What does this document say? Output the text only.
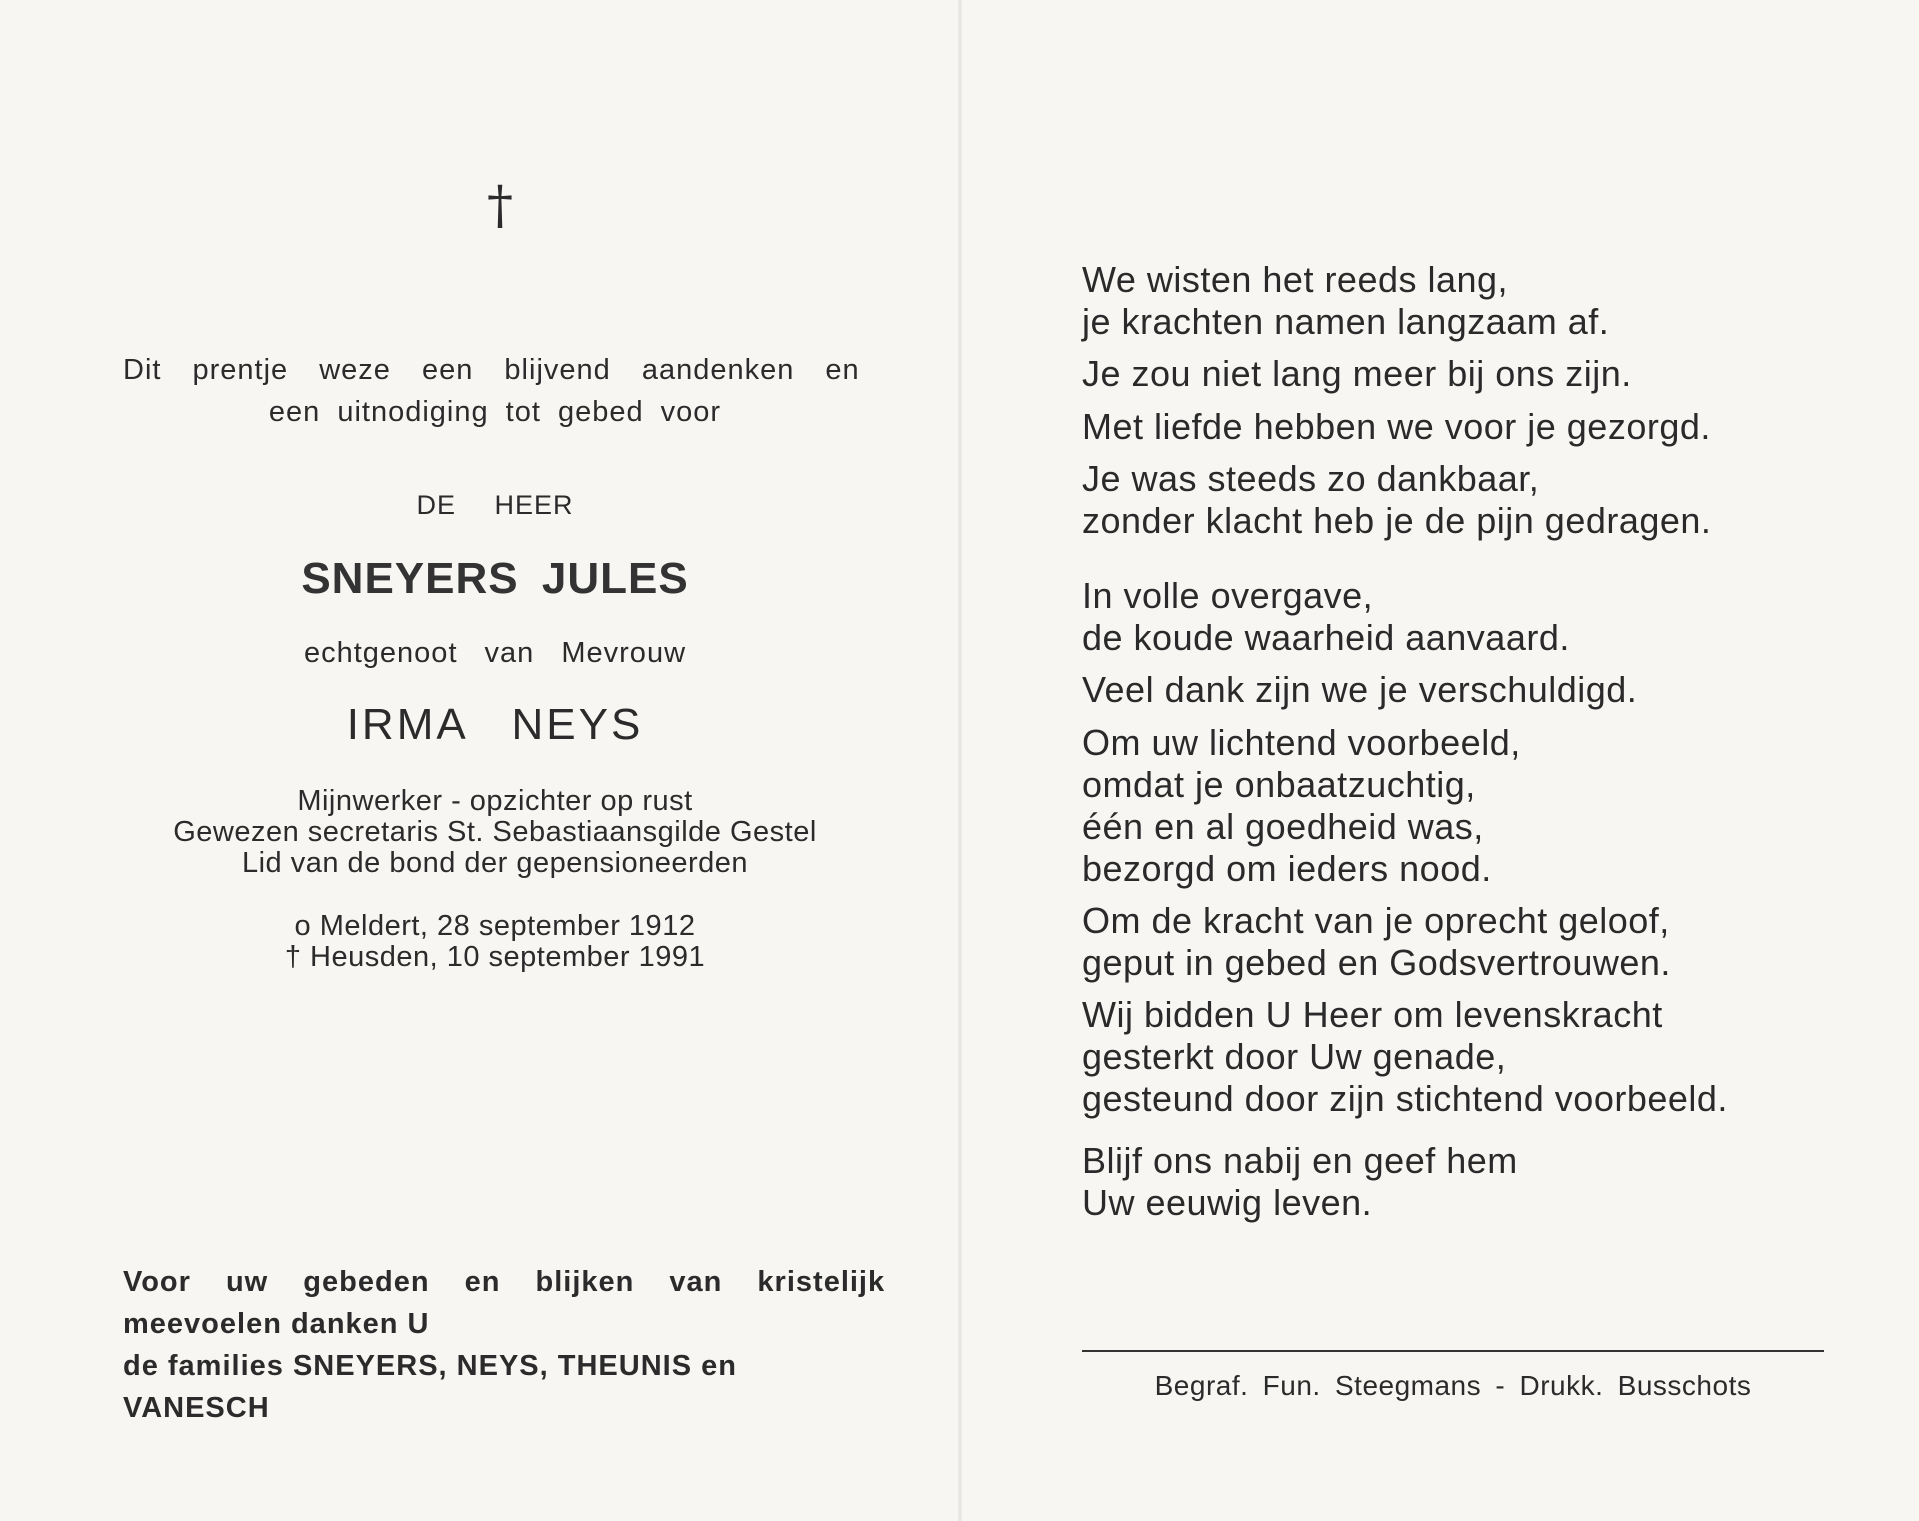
†
Dit prentje weze een blijvend aandenken en
een uitnodiging tot gebed voor
DE HEER
SNEYERS JULES
echtgenoot van Mevrouw
IRMA NEYS
Mijnwerker - opzichter op rust
Gewezen secretaris St. Sebastiaansgilde Gestel
Lid van de bond der gepensioneerden
o Meldert, 28 september 1912
† Heusden, 10 september 1991
Voor uw gebeden en blijken van kristelijk
meevoelen danken U
de families SNEYERS, NEYS, THEUNIS en
VANESCH
We wisten het reeds lang,
je krachten namen langzaam af.
Je zou niet lang meer bij ons zijn.
Met liefde hebben we voor je gezorgd.
Je was steeds zo dankbaar,
zonder klacht heb je de pijn gedragen.
In volle overgave,
de koude waarheid aanvaard.
Veel dank zijn we je verschuldigd.
Om uw lichtend voorbeeld,
omdat je onbaatzuchtig,
één en al goedheid was,
bezorgd om ieders nood.
Om de kracht van je oprecht geloof,
geput in gebed en Godsvertrouwen.
Wij bidden U Heer om levenskracht
gesterkt door Uw genade,
gesteund door zijn stichtend voorbeeld.
Blijf ons nabij en geef hem
Uw eeuwig leven.
Begraf. Fun. Steegmans - Drukk. Busschots
